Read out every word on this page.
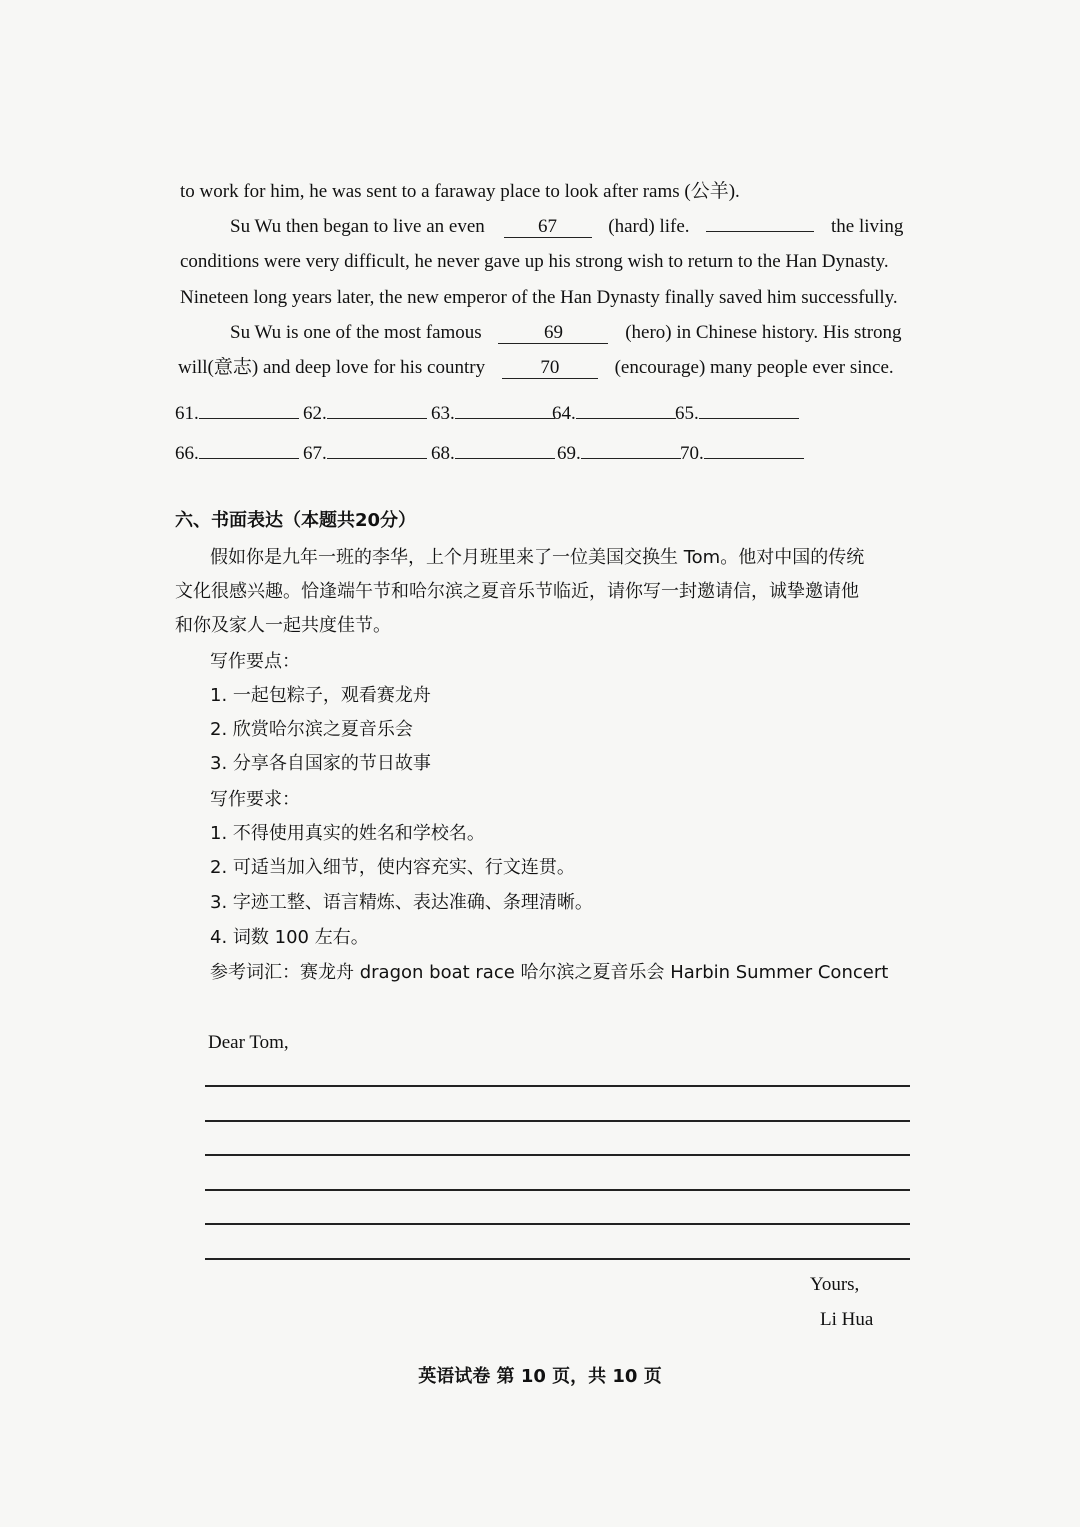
to work for him, he was sent to a faraway place to look after rams (公羊).
Su Wu then began to live an even	67	(hard) life.	the living
conditions were very difficult, he never gave up his strong wish to return to the Han Dynasty.
Nineteen long years later, the new emperor of the Han Dynasty finally saved him successfully.
Su Wu is one of the most famous	69	(hero) in Chinese history. His strong
will(意志) and deep love for his country	70	(encourage) many people ever since.
61.	62.	63.	64.	65.
66.	67.	68.	69.	70.
六、书面表达（本题共20分）
假如你是九年一班的李华，上个月班里来了一位美国交换生 Tom。他对中国的传统
文化很感兴趣。恰逢端午节和哈尔滨之夏音乐节临近，请你写一封邀请信，诚挚邀请他
和你及家人一起共度佳节。
写作要点：
1. 一起包粽子，观看赛龙舟
2. 欣赏哈尔滨之夏音乐会
3. 分享各自国家的节日故事
写作要求：
1. 不得使用真实的姓名和学校名。
2. 可适当加入细节，使内容充实、行文连贯。
3. 字迹工整、语言精炼、表达准确、条理清晰。
4. 词数 100 左右。
参考词汇：赛龙舟 dragon boat race 哈尔滨之夏音乐会 Harbin Summer Concert
Dear Tom,
Yours,
Li Hua
英语试卷 第 10 页，共 10 页
